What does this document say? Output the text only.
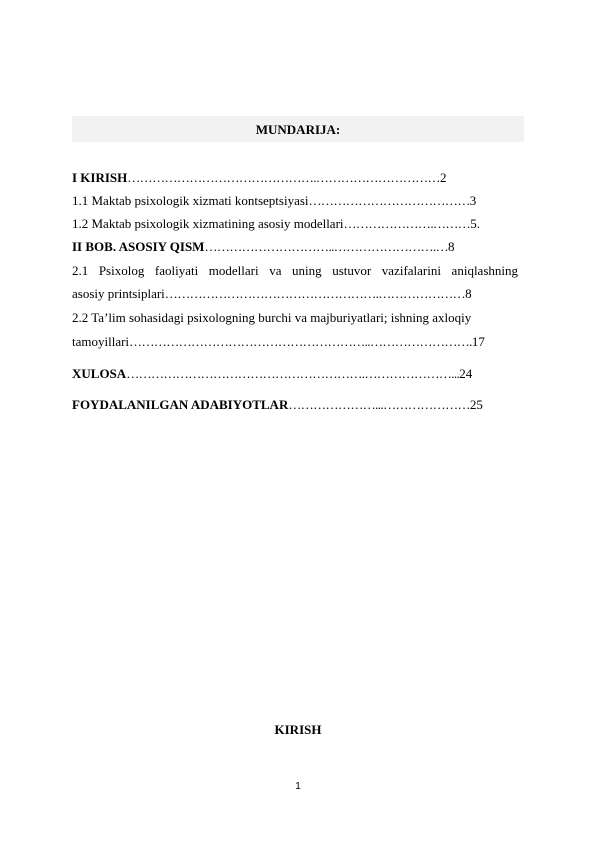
MUNDARIJA:
I KIRISH……………………………………….…………………………2
1.1 Maktab psixologik xizmati kontseptsiyasi…………………………………3
1.2 Maktab psixologik xizmatining asosiy modellari………………….………5.
II BOB. ASOSIY QISM…………………………..…………………….…8
2.1 Psixolog faoliyati modellari va uning ustuvor vazifalarini aniqlashning
asosiy printsiplari…………………………………………….…………………8
2.2 Ta’lim sohasidagi psixologning burchi va majburiyatlari; ishning axloqiy
tamoyillari…………………………………………………..…………………….17
XULOSA………………………………………………….…………………...24
FOYDALANILGAN ADABIYOTLAR…………………...…………………25
KIRISH
1
